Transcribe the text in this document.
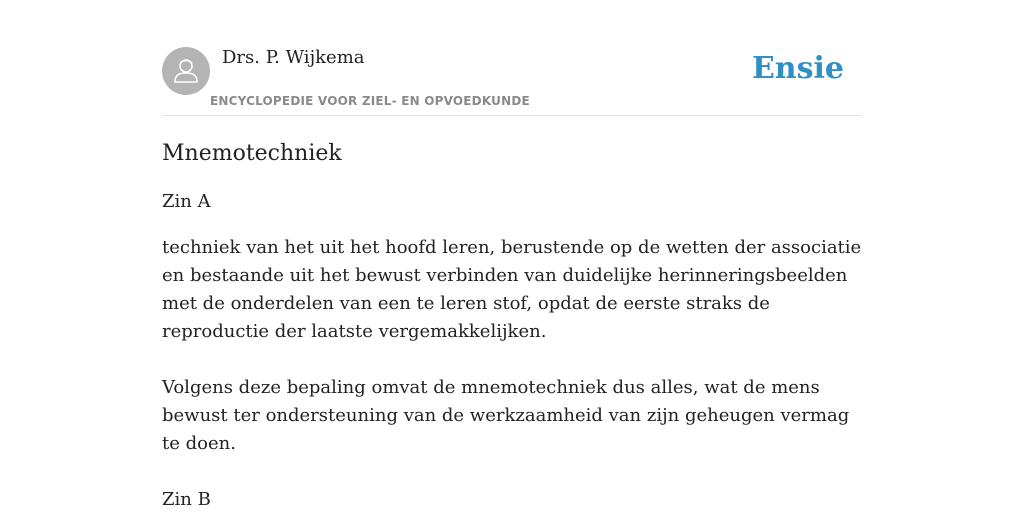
Drs. P. Wijkema
ENCYCLOPEDIE VOOR ZIEL- EN OPVOEDKUNDE
Ensie
Mnemotechniek
Zin A

techniek van het uit het hoofd leren, berustende op de wetten der associatie en bestaande uit het bewust verbinden van duidelijke herinneringsbeelden met de onderdelen van een te leren stof, opdat de eerste straks de reproductie der laatste vergemakkelijken.

Volgens deze bepaling omvat de mnemotechniek dus alles, wat de mens bewust ter ondersteuning van de werkzaamheid van zijn geheugen vermag te doen.

Zin B
